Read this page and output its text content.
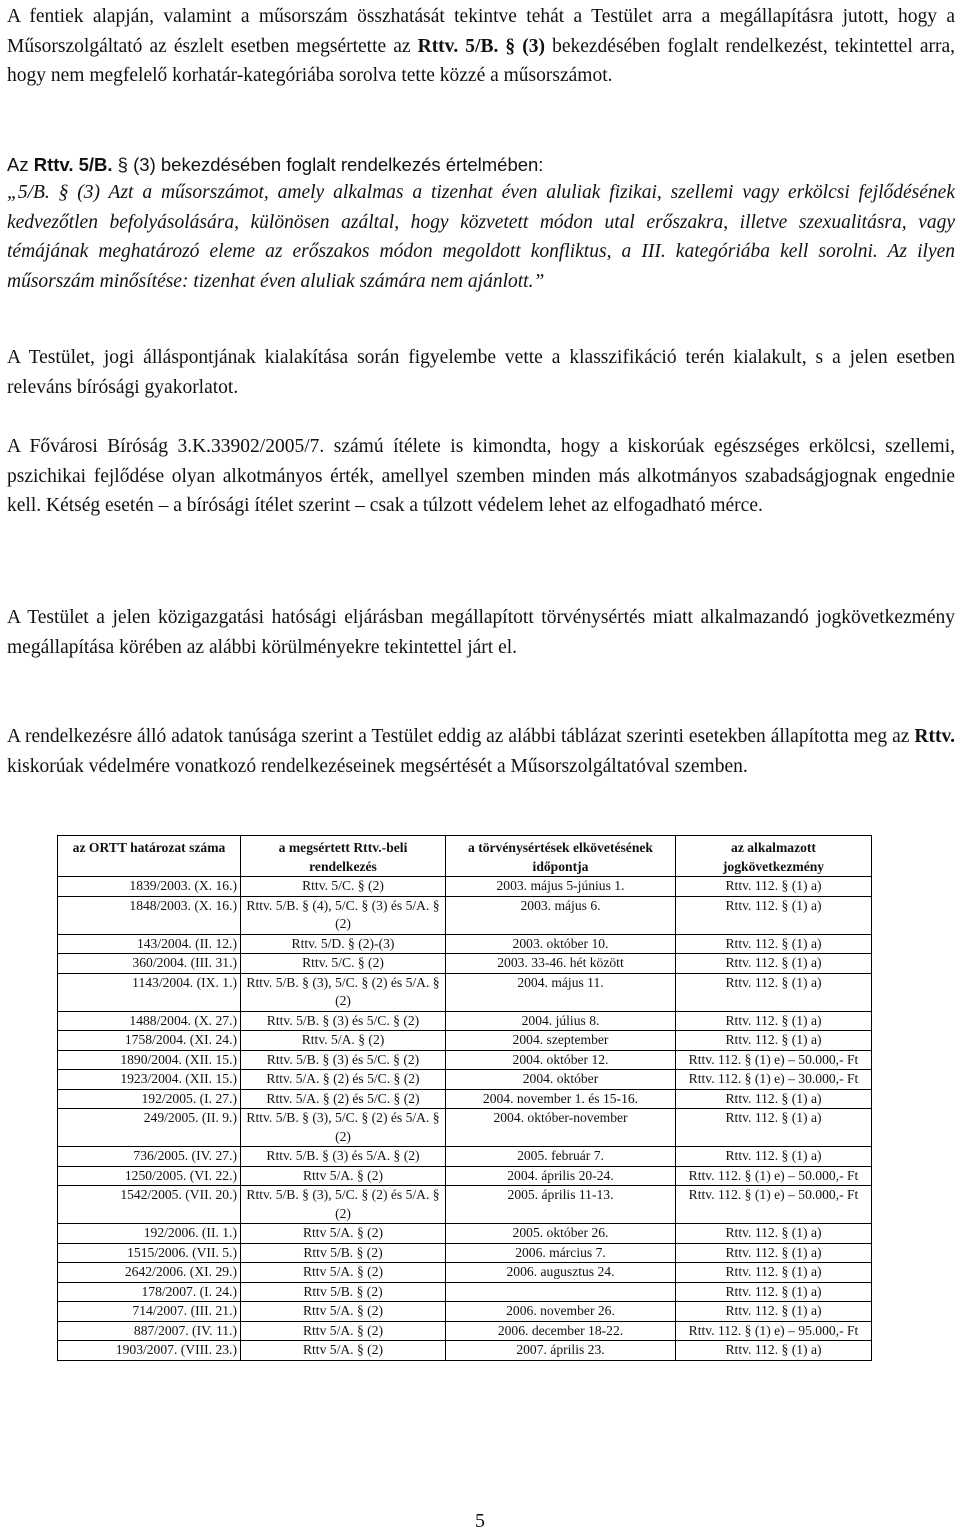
A fentiek alapján, valamint a műsorszám összhatását tekintve tehát a Testület arra a megállapításra jutott, hogy a Műsorszolgáltató az észlelt esetben megsértette az Rttv. 5/B. § (3) bekezdésében foglalt rendelkezést, tekintettel arra, hogy nem megfelelő korhatár-kategóriába sorolva tette közzé a műsorszámot.

Az Rttv. 5/B. § (3) bekezdésében foglalt rendelkezés értelmében:

„5/B. § (3) Azt a műsorszámot, amely alkalmas a tizenhat éven aluliak fizikai, szellemi vagy erkölcsi fejlődésének kedvezőtlen befolyásolására, különösen azáltal, hogy közvetett módon utal erőszakra, illetve szexualitásra, vagy témájának meghatározó eleme az erőszakos módon megoldott konfliktus, a III. kategóriába kell sorolni. Az ilyen műsorszám minősítése: tizenhat éven aluliak számára nem ajánlott.”

A Testület, jogi álláspontjának kialakítása során figyelembe vette a klasszifikáció terén kialakult, s a jelen esetben releváns bírósági gyakorlatot.

A Fővárosi Bíróság 3.K.33902/2005/7. számú ítélete is kimondta, hogy a kiskorúak egészséges erkölcsi, szellemi, pszichikai fejlődése olyan alkotmányos érték, amellyel szemben minden más alkotmányos szabadságjognak engednie kell. Kétség esetén – a bírósági ítélet szerint – csak a túlzott védelem lehet az elfogadható mérce.

A Testület a jelen közigazgatási hatósági eljárásban megállapított törvénysértés miatt alkalmazandó jogkövetkezmény megállapítása körében az alábbi körülményekre tekintettel járt el.

A rendelkezésre álló adatok tanúsága szerint a Testület eddig az alábbi táblázat szerinti esetekben állapította meg az Rttv. kiskorúak védelmére vonatkozó rendelkezéseinek megsértését a Műsorszolgáltatóval szemben.

az ORTT határozat száma	a megsértett Rttv.-beli rendelkezés	a törvénysértések elkövetésének időpontja	az alkalmazott jogkövetkezmény
1839/2003. (X. 16.)	Rttv. 5/C. § (2)	2003. május 5-június 1.	Rttv. 112. § (1) a)
1848/2003. (X. 16.)	Rttv. 5/B. § (4), 5/C. § (3) és 5/A. § (2)	2003. május 6.	Rttv. 112. § (1) a)
143/2004. (II. 12.)	Rttv. 5/D. § (2)-(3)	2003. október 10.	Rttv. 112. § (1) a)
360/2004. (III. 31.)	Rttv. 5/C. § (2)	2003. 33-46. hét között	Rttv. 112. § (1) a)
1143/2004. (IX. 1.)	Rttv. 5/B. § (3), 5/C. § (2) és 5/A. § (2)	2004. május 11.	Rttv. 112. § (1) a)
1488/2004. (X. 27.)	Rttv. 5/B. § (3) és 5/C. § (2)	2004. július 8.	Rttv. 112. § (1) a)
1758/2004. (XI. 24.)	Rttv. 5/A. § (2)	2004. szeptember	Rttv. 112. § (1) a)
1890/2004. (XII. 15.)	Rttv. 5/B. § (3) és 5/C. § (2)	2004. október 12.	Rttv. 112. § (1) e) – 50.000,- Ft
1923/2004. (XII. 15.)	Rttv. 5/A. § (2) és 5/C. § (2)	2004. október	Rttv. 112. § (1) e) – 30.000,- Ft
192/2005. (I. 27.)	Rttv. 5/A. § (2) és 5/C. § (2)	2004. november 1. és 15-16.	Rttv. 112. § (1) a)
249/2005. (II. 9.)	Rttv. 5/B. § (3), 5/C. § (2) és 5/A. § (2)	2004. október-november	Rttv. 112. § (1) a)
736/2005. (IV. 27.)	Rttv. 5/B. § (3) és 5/A. § (2)	2005. február 7.	Rttv. 112. § (1) a)
1250/2005. (VI. 22.)	Rttv 5/A. § (2)	2004. április 20-24.	Rttv. 112. § (1) e) – 50.000,- Ft
1542/2005. (VII. 20.)	Rttv. 5/B. § (3), 5/C. § (2) és 5/A. § (2)	2005. április 11-13.	Rttv. 112. § (1) e) – 50.000,- Ft
192/2006. (II. 1.)	Rttv 5/A. § (2)	2005. október 26.	Rttv. 112. § (1) a)
1515/2006. (VII. 5.)	Rttv 5/B. § (2)	2006. március 7.	Rttv. 112. § (1) a)
2642/2006. (XI. 29.)	Rttv 5/A. § (2)	2006. augusztus 24.	Rttv. 112. § (1) a)
178/2007. (I. 24.)	Rttv 5/B. § (2)		Rttv. 112. § (1) a)
714/2007. (III. 21.)	Rttv 5/A. § (2)	2006. november 26.	Rttv. 112. § (1) a)
887/2007. (IV. 11.)	Rttv 5/A. § (2)	2006. december 18-22.	Rttv. 112. § (1) e) – 95.000,- Ft
1903/2007. (VIII. 23.)	Rttv 5/A. § (2)	2007. április 23.	Rttv. 112. § (1) a)
5
